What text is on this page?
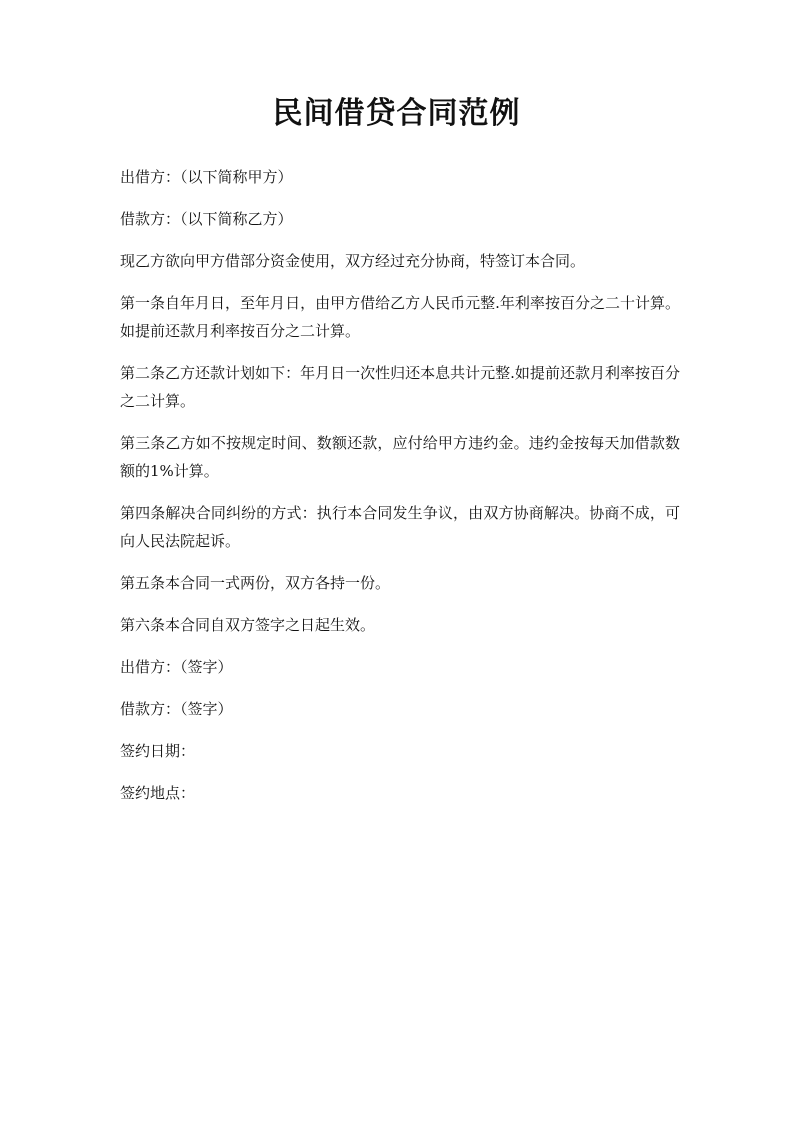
民间借贷合同范例

出借方：（以下简称甲方）

借款方：（以下简称乙方）

现乙方欲向甲方借部分资金使用，双方经过充分协商，特签订本合同。

第一条自年月日，至年月日，由甲方借给乙方人民币元整.年利率按百分之二十计算。如提前还款月利率按百分之二计算。

第二条乙方还款计划如下：年月日一次性归还本息共计元整.如提前还款月利率按百分之二计算。

第三条乙方如不按规定时间、数额还款，应付给甲方违约金。违约金按每天加借款数额的1%计算。

第四条解决合同纠纷的方式：执行本合同发生争议，由双方协商解决。协商不成，可向人民法院起诉。

第五条本合同一式两份，双方各持一份。

第六条本合同自双方签字之日起生效。

出借方：（签字）

借款方：（签字）

签约日期：

签约地点：
